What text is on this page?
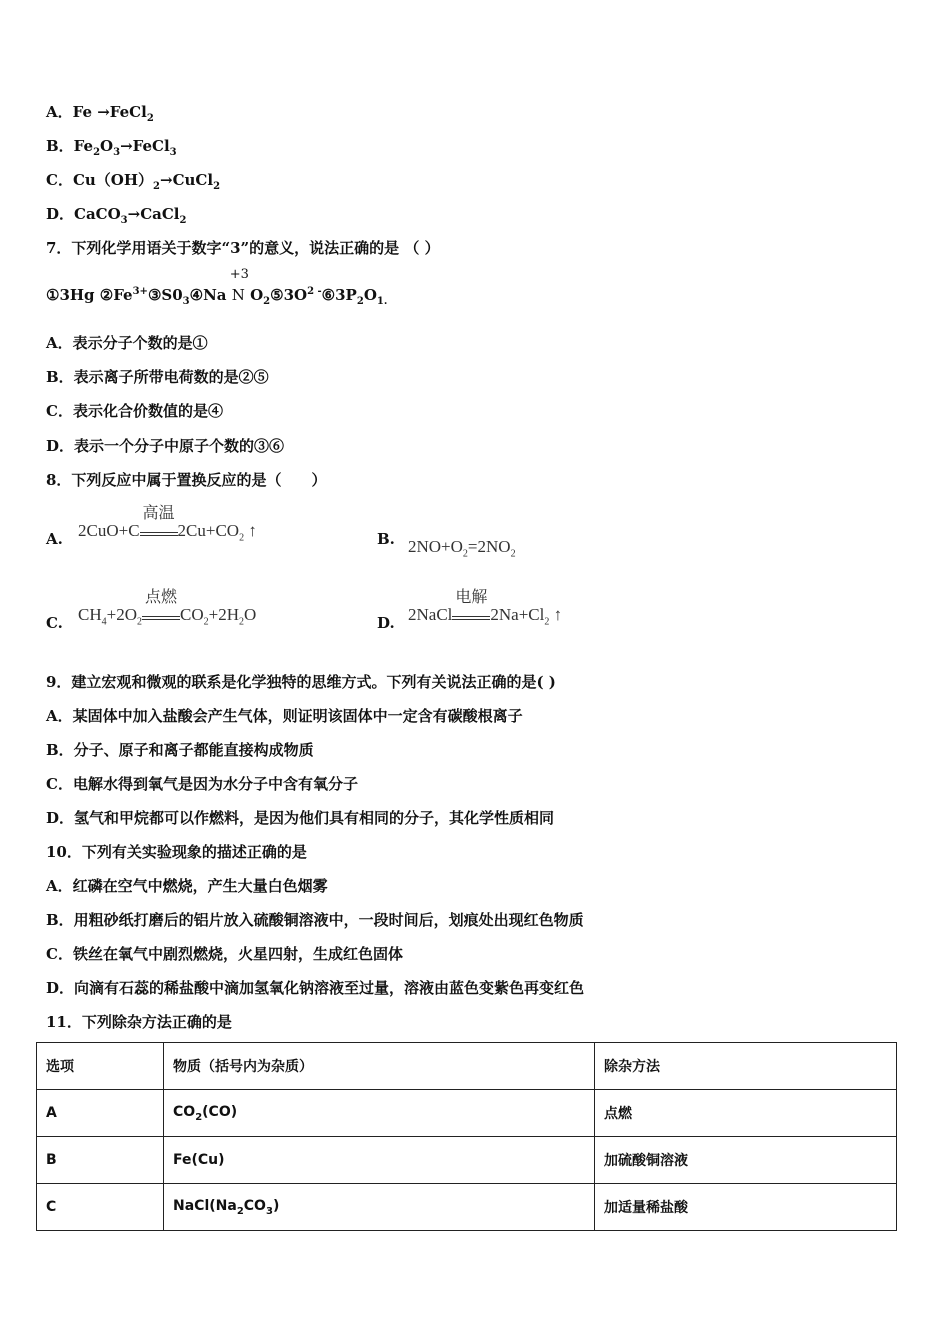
A．Fe →FeCl$_2$
B．$Fe_2O_3\to FeCl_3$
C．$Cu(OH)_2\to CuCl_2$
D．CaCO$_3$→CaCl$_2$
7．下列化学用语关于数字“3”的意义，说法正确的是 （ ）
①3Hg $②Fe^{3+}③S0_3④Na$
+3
N $O_2⑤3O^{2 -}⑥3P_2O_{1.}$
A．表示分子个数的是①
B．表示离子所带电荷数的是②⑤
C．表示化合价数值的是④
D．表示一个分子中原子个数的③⑥
8．下列反应中属于置换反应的是（　　）
A. 2CuO+C
高温
$2Cu+CO_2$ ↑	B. $2NO+O_2=2NO_2$
C. $CH_4+2O_2$
点燃
$CO_2+2H_2O$	D. 2NaCl
电解
$2Na+Cl_2$ ↑
9．建立宏观和微观的联系是化学独特的思维方式。下列有关说法正确的是( )
A．某固体中加入盐酸会产生气体，则证明该固体中一定含有碳酸根离子
B．分子、原子和离子都能直接构成物质
C．电解水得到氧气是因为水分子中含有氧分子
D．氢气和甲烷都可以作燃料，是因为他们具有相同的分子，其化学性质相同
10．下列有关实验现象的描述正确的是
A．红磷在空气中燃烧，产生大量白色烟雾
B．用粗砂纸打磨后的铝片放入硫酸铜溶液中，一段时间后，划痕处出现红色物质
C．铁丝在氧气中剧烈燃烧，火星四射，生成红色固体
D．向滴有石蕊的稀盐酸中滴加氢氧化钠溶液至过量，溶液由蓝色变紫色再变红色
11．下列除杂方法正确的是
选项	物质（括号内为杂质）	除杂方法
A	$CO_2(CO)$	点燃
B	Fe(Cu)	加硫酸铜溶液
C	$NaCl(Na_2CO_3)$	加适量稀盐酸
